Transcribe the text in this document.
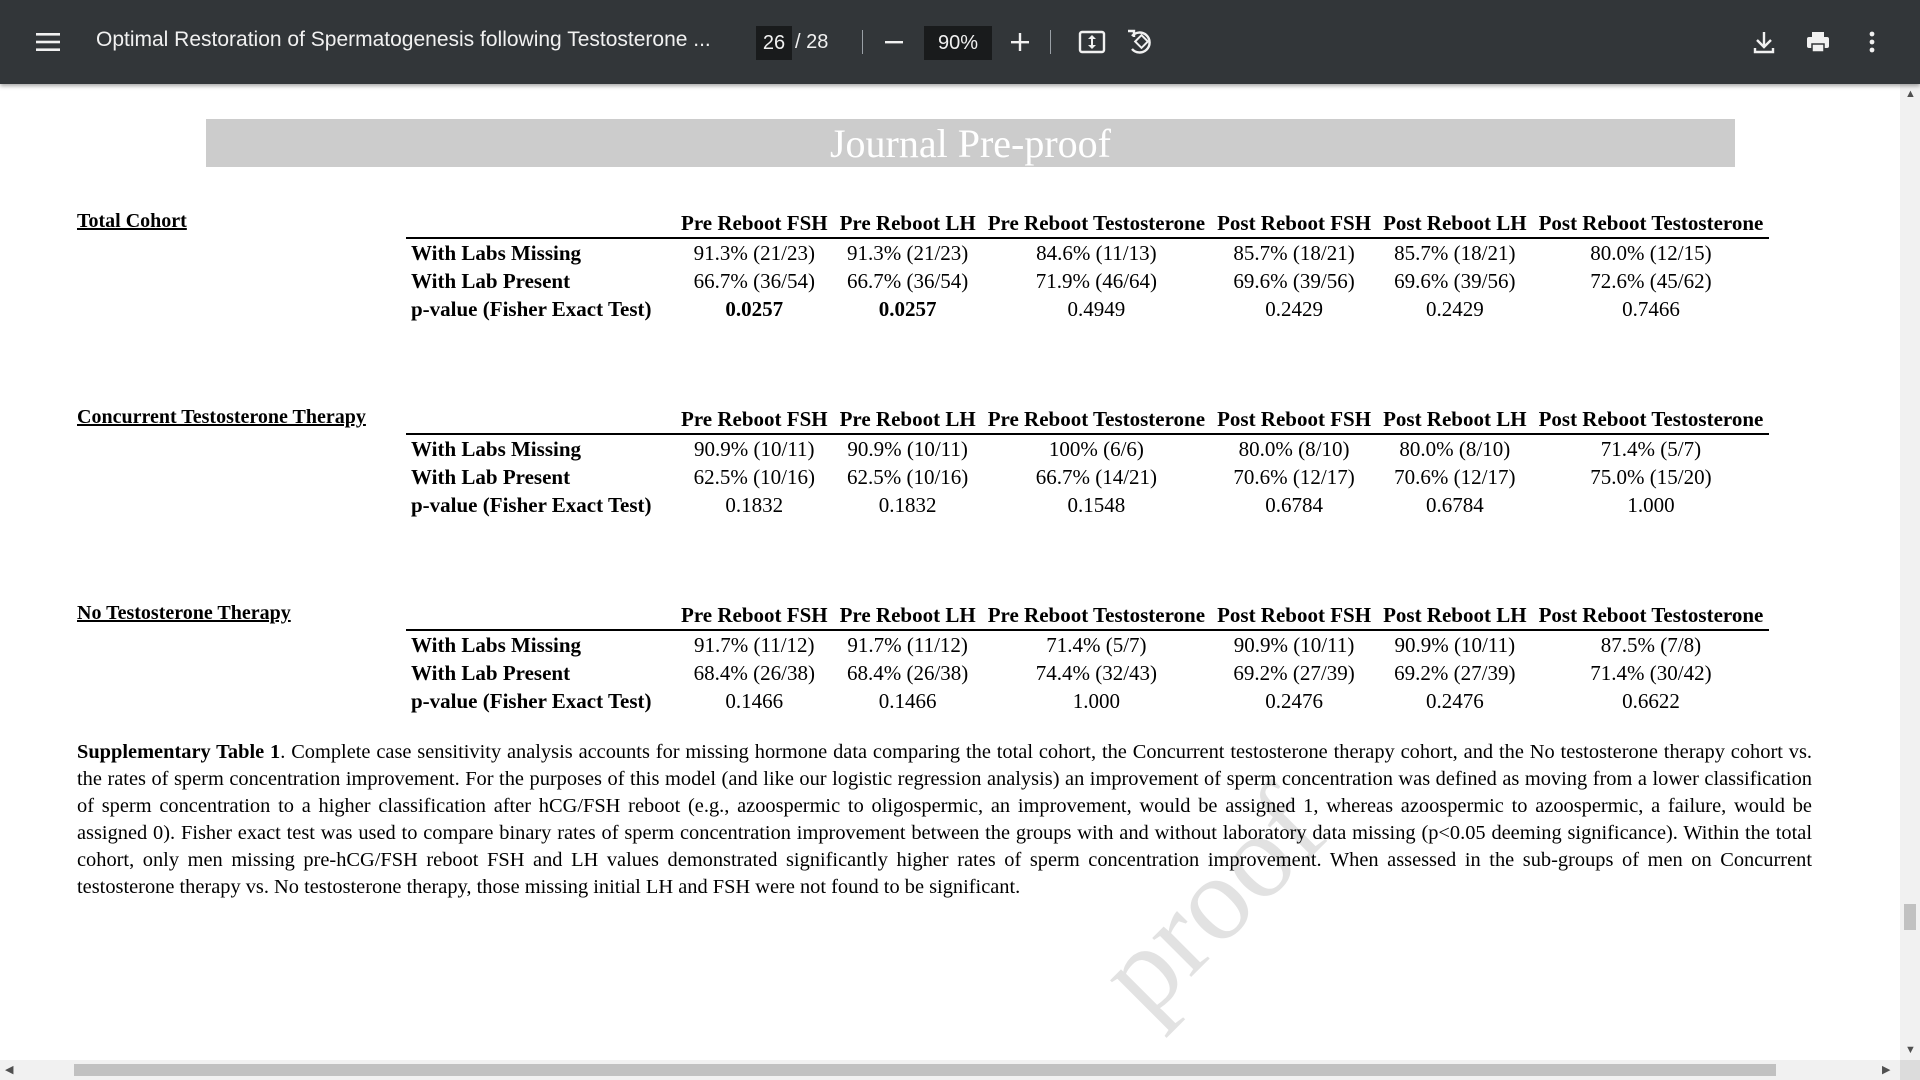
Optimal Restoration of Spermatogenesis following Testosterone ...
26	/ 28
90%
proof
Journal Pre-proof
Total Cohort
		Pre Reboot FSH	Pre Reboot LH	Pre Reboot Testosterone	Post Reboot FSH	Post Reboot LH	Post Reboot Testosterone
With Labs Missing	91.3% (21/23)	91.3% (21/23)	84.6% (11/13)	85.7% (18/21)	85.7% (18/21)	80.0% (12/15)
With Lab Present	66.7% (36/54)	66.7% (36/54)	71.9% (46/64)	69.6% (39/56)	69.6% (39/56)	72.6% (45/62)
p-value (Fisher Exact Test)	0.0257	0.0257	0.4949	0.2429	0.2429	0.7466
Concurrent Testosterone Therapy
		Pre Reboot FSH	Pre Reboot LH	Pre Reboot Testosterone	Post Reboot FSH	Post Reboot LH	Post Reboot Testosterone
With Labs Missing	90.9% (10/11)	90.9% (10/11)	100% (6/6)	80.0% (8/10)	80.0% (8/10)	71.4% (5/7)
With Lab Present	62.5% (10/16)	62.5% (10/16)	66.7% (14/21)	70.6% (12/17)	70.6% (12/17)	75.0% (15/20)
p-value (Fisher Exact Test)	0.1832	0.1832	0.1548	0.6784	0.6784	1.000
No Testosterone Therapy
		Pre Reboot FSH	Pre Reboot LH	Pre Reboot Testosterone	Post Reboot FSH	Post Reboot LH	Post Reboot Testosterone
With Labs Missing	91.7% (11/12)	91.7% (11/12)	71.4% (5/7)	90.9% (10/11)	90.9% (10/11)	87.5% (7/8)
With Lab Present	68.4% (26/38)	68.4% (26/38)	74.4% (32/43)	69.2% (27/39)	69.2% (27/39)	71.4% (30/42)
p-value (Fisher Exact Test)	0.1466	0.1466	1.000	0.2476	0.2476	0.6622
Supplementary Table 1. Complete case sensitivity analysis accounts for missing hormone data comparing the total cohort, the Concurrent testosterone therapy cohort, and the No testosterone therapy cohort vs. the rates of sperm concentration improvement. For the purposes of this model (and like our logistic regression analysis) an improvement of sperm concentration was defined as moving from a lower classification of sperm concentration to a higher classification after hCG/FSH reboot (e.g., azoospermic to oligospermic, an improvement, would be assigned 1, whereas azoospermic to azoospermic, a failure, would be assigned 0). Fisher exact test was used to compare binary rates of sperm concentration improvement between the groups with and without laboratory data missing (p<0.05 deeming significance). Within the total cohort, only men missing pre-hCG/FSH reboot FSH and LH values demonstrated significantly higher rates of sperm concentration improvement. When assessed in the sub-groups of men on Concurrent testosterone therapy vs. No testosterone therapy, those missing initial LH and FSH were not found to be significant.
▲
▼
◀	▶
